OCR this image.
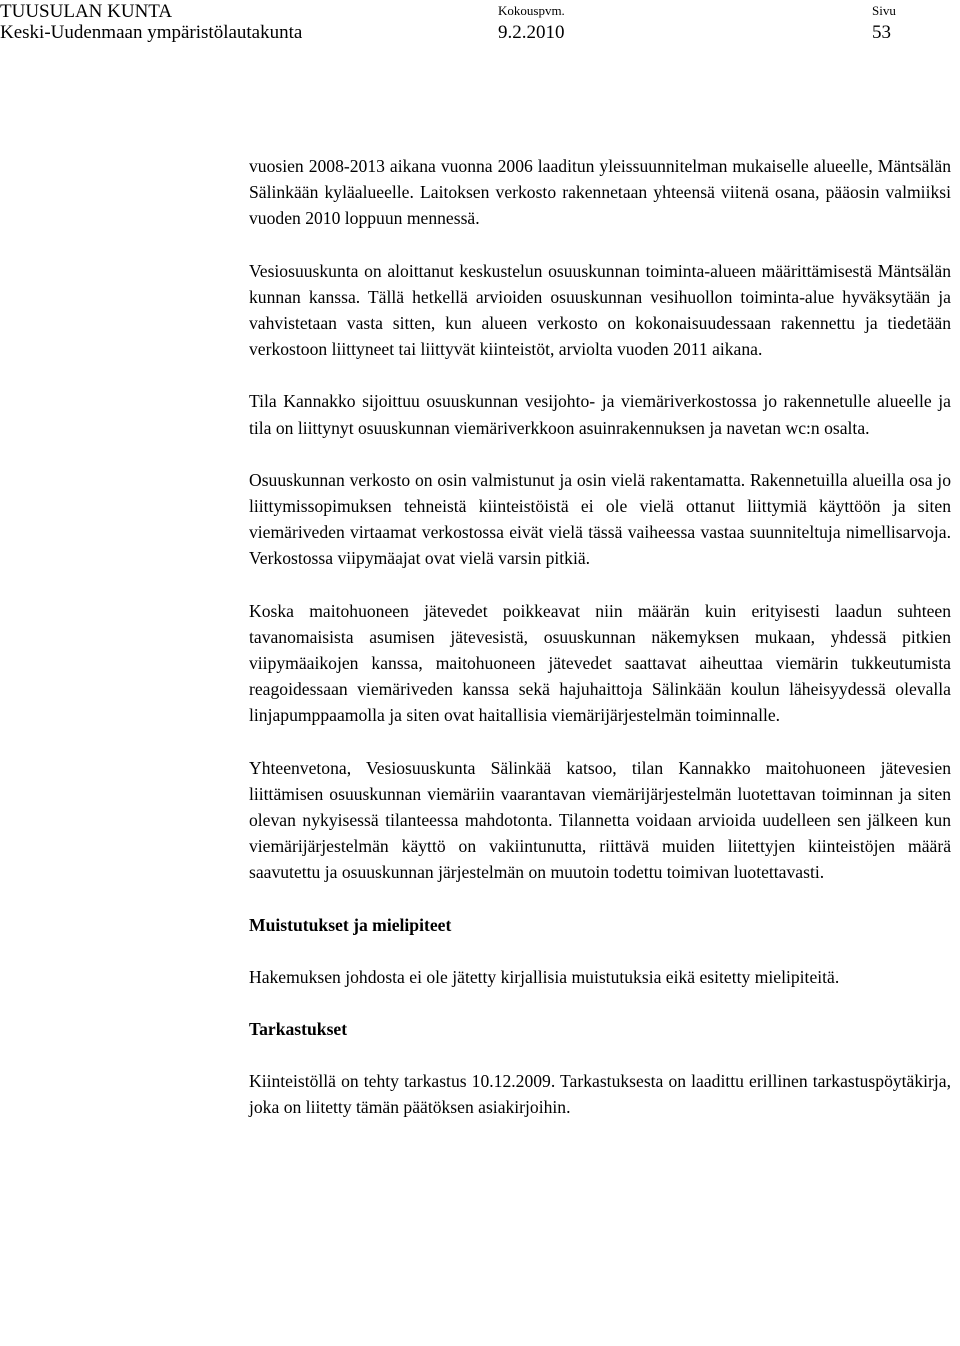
TUUSULAN KUNTA
Keski-Uudenmaan ympäristölautakunta
Kokouspvm.
9.2.2010
Sivu
53

vuosien 2008-2013 aikana vuonna 2006 laaditun yleissuunnitelman mukaiselle alueelle, Mäntsälän Sälinkään kyläalueelle. Laitoksen verkosto rakennetaan yhteensä viitenä osana, pääosin valmiiksi vuoden 2010 loppuun mennessä.

Vesiosuuskunta on aloittanut keskustelun osuuskunnan toiminta-alueen määrittämisestä Mäntsälän kunnan kanssa. Tällä hetkellä arvioiden osuuskunnan vesihuollon toiminta-alue hyväksytään ja vahvistetaan vasta sitten, kun alueen verkosto on kokonaisuudessaan rakennettu ja tiedetään verkostoon liittyneet tai liittyvät kiinteistöt, arviolta vuoden 2011 aikana.

Tila Kannakko sijoittuu osuuskunnan vesijohto- ja viemäriverkostossa jo rakennetulle alueelle ja tila on liittynyt osuuskunnan viemäriverkkoon asuinrakennuksen ja navetan wc:n osalta.

Osuuskunnan verkosto on osin valmistunut ja osin vielä rakentamatta. Rakennetuilla alueilla osa jo liittymissopimuksen tehneistä kiinteistöistä ei ole vielä ottanut liittymiä käyttöön ja siten viemäriveden virtaamat verkostossa eivät vielä tässä vaiheessa vastaa suunniteltuja nimellisarvoja. Verkostossa viipymäajat ovat vielä varsin pitkiä.

Koska maitohuoneen jätevedet poikkeavat niin määrän kuin erityisesti laadun suhteen tavanomaisista asumisen jätevesistä, osuuskunnan näkemyksen mukaan, yhdessä pitkien viipymäaikojen kanssa, maitohuoneen jätevedet saattavat aiheuttaa viemärin tukkeutumista reagoidessaan viemäriveden kanssa sekä hajuhaittoja Sälinkään koulun läheisyydessä olevalla linjapumppaamolla ja siten ovat haitallisia viemärijärjestelmän toiminnalle.

Yhteenvetona, Vesiosuuskunta Sälinkää katsoo, tilan Kannakko maitohuoneen jätevesien liittämisen osuuskunnan viemäriin vaarantavan viemärijärjestelmän luotettavan toiminnan ja siten olevan nykyisessä tilanteessa mahdotonta. Tilannetta voidaan arvioida uudelleen sen jälkeen kun viemärijärjestelmän käyttö on vakiintunutta, riittävä muiden liitettyjen kiinteistöjen määrä saavutettu ja osuuskunnan järjestelmän on muutoin todettu toimivan luotettavasti.

Muistutukset ja mielipiteet

Hakemuksen johdosta ei ole jätetty kirjallisia muistutuksia eikä esitetty mielipiteitä.

Tarkastukset

Kiinteistöllä on tehty tarkastus 10.12.2009. Tarkastuksesta on laadittu erillinen tarkastuspöytäkirja, joka on liitetty tämän päätöksen asiakirjoihin.
